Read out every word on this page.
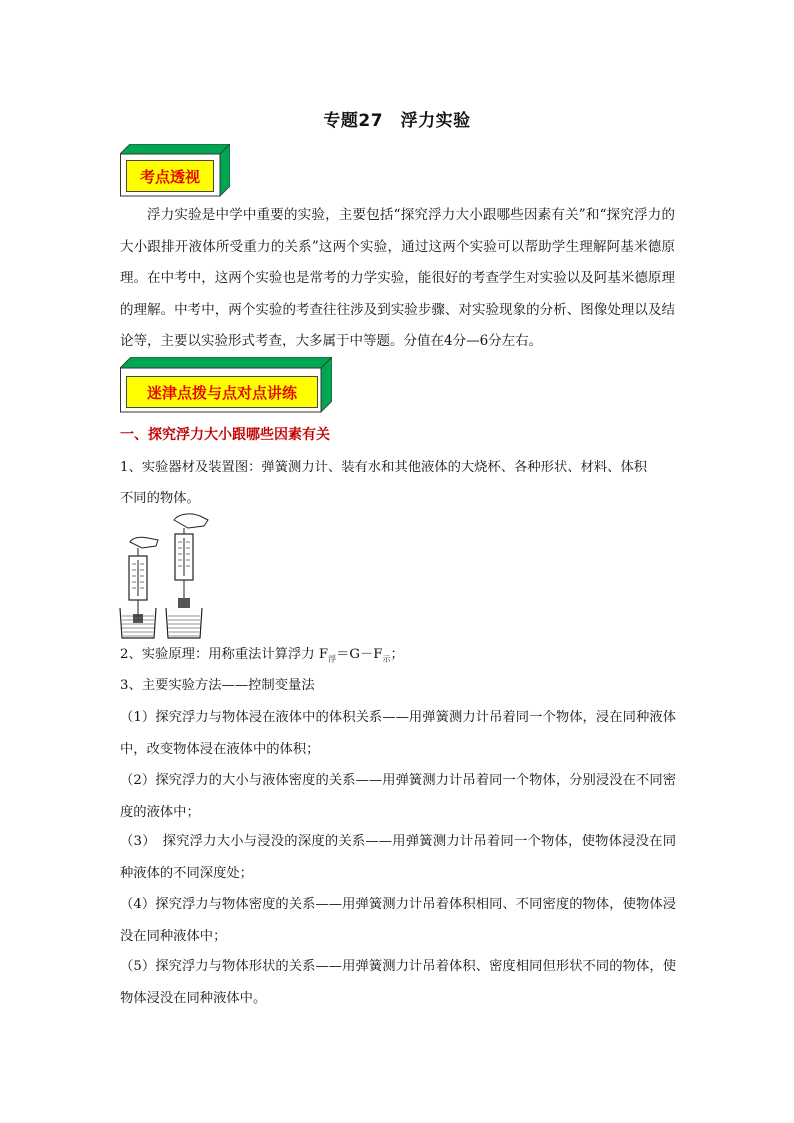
专题27　浮力实验
考点透视
浮力实验是中学中重要的实验，主要包括“探究浮力大小跟哪些因素有关”和“探究浮力的大小跟排开液体所受重力的关系”这两个实验，通过这两个实验可以帮助学生理解阿基米德原理。在中考中，这两个实验也是常考的力学实验，能很好的考查学生对实验以及阿基米德原理的理解。中考中，两个实验的考查往往涉及到实验步骤、对实验现象的分析、图像处理以及结论等，主要以实验形式考查，大多属于中等题。分值在4分—6分左右。
迷津点拨与点对点讲练
一、探究浮力大小跟哪些因素有关
1、实验器材及装置图：弹簧测力计、装有水和其他液体的大烧杯、各种形状、材料、体积
不同的物体。
2、实验原理：用称重法计算浮力 $F_浮=G-F_示$；
3、主要实验方法——控制变量法
（1）探究浮力与物体浸在液体中的体积关系——用弹簧测力计吊着同一个物体，浸在同种液体中，改变物体浸在液体中的体积；
（2）探究浮力的大小与液体密度的关系——用弹簧测力计吊着同一个物体，分别浸没在不同密度的液体中；
（3）　探究浮力大小与浸没的深度的关系——用弹簧测力计吊着同一个物体，使物体浸没在同种液体的不同深度处；
（4）探究浮力与物体密度的关系——用弹簧测力计吊着体积相同、不同密度的物体，使物体浸没在同种液体中；
（5）探究浮力与物体形状的关系——用弹簧测力计吊着体积、密度相同但形状不同的物体，使物体浸没在同种液体中。
